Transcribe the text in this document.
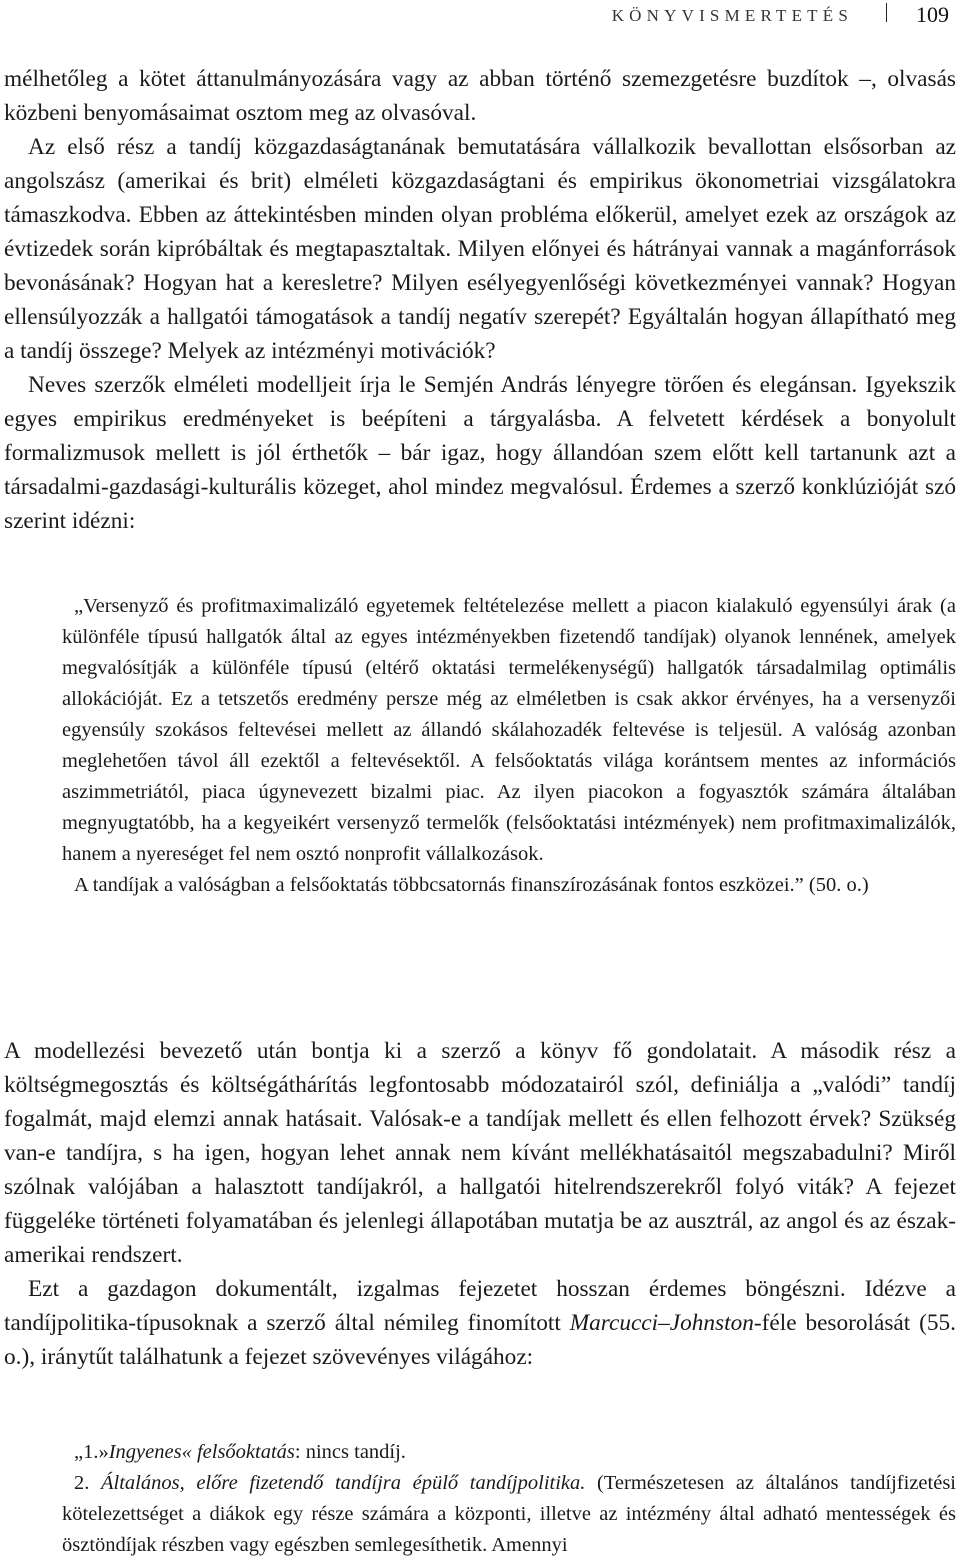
KÖNYVISMERTETÉS	109

mélhetőleg a kötet áttanulmányozására vagy az abban történő szemezgetésre buzdítok –, olvasás közbeni benyomásaimat osztom meg az olvasóval.

Az első rész a tandíj közgazdaságtanának bemutatására vállalkozik bevallottan elsősorban az angolszász (amerikai és brit) elméleti közgazdaságtani és empirikus ökonometriai vizsgálatokra támaszkodva. Ebben az áttekintésben minden olyan probléma előkerül, amelyet ezek az országok az évtizedek során kipróbáltak és megtapasztaltak. Milyen előnyei és hátrányai vannak a magánforrások bevonásának? Hogyan hat a keresletre? Milyen esélyegyenlőségi következményei vannak? Hogyan ellensúlyozzák a hallgatói támogatások a tandíj negatív szerepét? Egyáltalán hogyan állapítható meg a tandíj összege? Melyek az intézményi motivációk?

Neves szerzők elméleti modelljeit írja le Semjén András lényegre törően és elegánsan. Igyekszik egyes empirikus eredményeket is beépíteni a tárgyalásba. A felvetett kérdések a bonyolult formalizmusok mellett is jól érthetők – bár igaz, hogy állandóan szem előtt kell tartanunk azt a társadalmi-gazdasági-kulturális közeget, ahol mindez megvalósul. Érdemes a szerző konklúzióját szó szerint idézni:

„Versenyző és profitmaximalizáló egyetemek feltételezése mellett a piacon kialakuló egyensúlyi árak (a különféle típusú hallgatók által az egyes intézményekben fizetendő tandíjak) olyanok lennének, amelyek megvalósítják a különféle típusú (eltérő oktatási termelékenységű) hallgatók társadalmilag optimális allokációját. Ez a tetszetős eredmény persze még az elméletben is csak akkor érvényes, ha a versenyzői egyensúly szokásos feltevései mellett az állandó skálahozadék feltevése is teljesül. A valóság azonban meglehetően távol áll ezektől a feltevésektől. A felsőoktatás világa korántsem mentes az információs aszimmetriától, piaca úgynevezett bizalmi piac. Az ilyen piacokon a fogyasztók számára általában megnyugtatóbb, ha a kegyeikért versenyző termelők (felsőoktatási intézmények) nem profitmaximalizálók, hanem a nyereséget fel nem osztó nonprofit vállalkozások.

A tandíjak a valóságban a felsőoktatás többcsatornás finanszírozásának fontos eszközei.” (50. o.)

A modellezési bevezető után bontja ki a szerző a könyv fő gondolatait. A második rész a költségmegosztás és költségáthárítás legfontosabb módozatairól szól, definiálja a „valódi” tandíj fogalmát, majd elemzi annak hatásait. Valósak-e a tandíjak mellett és ellen felhozott érvek? Szükség van-e tandíjra, s ha igen, hogyan lehet annak nem kívánt mellékhatásaitól megszabadulni? Miről szólnak valójában a halasztott tandíjakról, a hallgatói hitelrendszerekről folyó viták? A fejezet függeléke történeti folyamatában és jelenlegi állapotában mutatja be az ausztrál, az angol és az észak-amerikai rendszert.

Ezt a gazdagon dokumentált, izgalmas fejezetet hosszan érdemes böngészni. Idézve a tandíjpolitika-típusoknak a szerző által némileg finomított Marcucci–Johnston-féle besorolását (55. o.), iránytűt találhatunk a fejezet szövevényes világához:

„1.»Ingyenes« felsőoktatás: nincs tandíj.

2. Általános, előre fizetendő tandíjra épülő tandíjpolitika. (Természetesen az általános tandíjfizetési kötelezettséget a diákok egy része számára a központi, illetve az intézmény által adható mentességek és ösztöndíjak részben vagy egészben semlegesíthetik. Amennyi
